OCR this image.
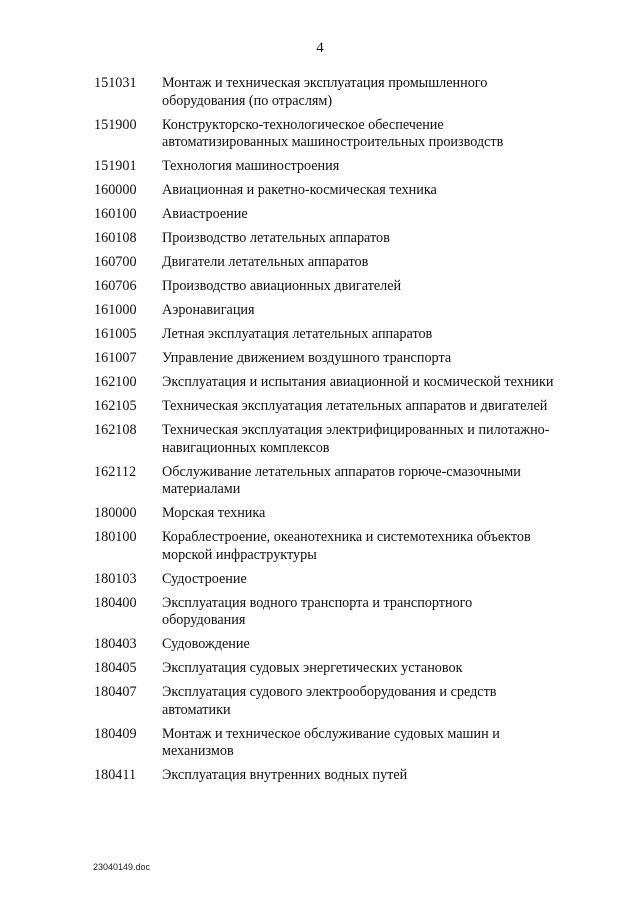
4
151031	Монтаж и техническая эксплуатация промышленного оборудования (по отраслям)
151900	Конструкторско-технологическое обеспечение автоматизированных машиностроительных производств
151901	Технология машиностроения
160000	Авиационная и ракетно-космическая техника
160100	Авиастроение
160108	Производство летательных аппаратов
160700	Двигатели летательных аппаратов
160706	Производство авиационных двигателей
161000	Аэронавигация
161005	Летная эксплуатация летательных аппаратов
161007	Управление движением воздушного транспорта
162100	Эксплуатация и испытания авиационной и космической техники
162105	Техническая эксплуатация летательных аппаратов и двигателей
162108	Техническая эксплуатация электрифицированных и пилотажно-навигационных комплексов
162112	Обслуживание летательных аппаратов горюче-смазочными материалами
180000	Морская техника
180100	Кораблестроение, океанотехника и системотехника объектов морской инфраструктуры
180103	Судостроение
180400	Эксплуатация водного транспорта и транспортного оборудования
180403	Судовождение
180405	Эксплуатация судовых энергетических установок
180407	Эксплуатация судового электрооборудования и средств автоматики
180409	Монтаж и техническое обслуживание судовых машин и механизмов
180411	Эксплуатация внутренних водных путей
23040149.doc
